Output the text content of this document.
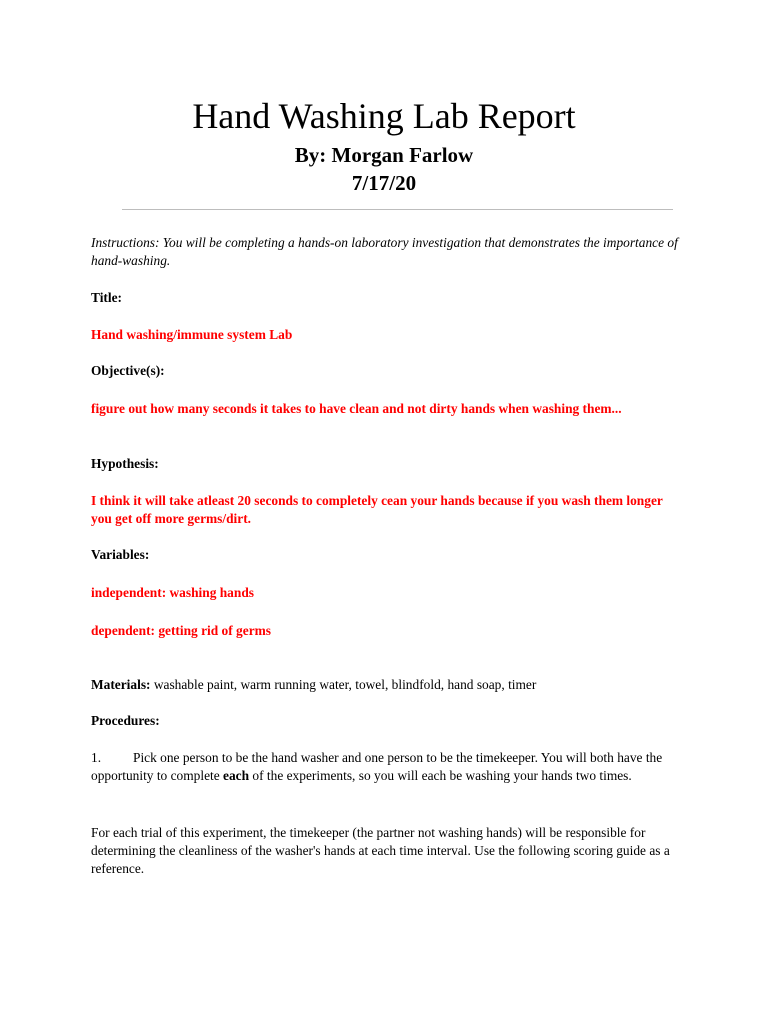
Hand Washing Lab Report
By: Morgan Farlow
7/17/20
Instructions: You will be completing a hands-on laboratory investigation that demonstrates the importance of hand-washing.
Title:
Hand washing/immune system Lab
Objective(s):
figure out how many seconds it takes to have clean and not dirty hands when washing them...
Hypothesis:
I think it will take atleast 20 seconds to completely cean your hands because if you wash them longer you get off more germs/dirt.
Variables:
independent: washing hands
dependent: getting rid of germs
Materials: washable paint, warm running water, towel, blindfold, hand soap, timer
Procedures:
1. Pick one person to be the hand washer and one person to be the timekeeper. You will both have the opportunity to complete each of the experiments, so you will each be washing your hands two times.
For each trial of this experiment, the timekeeper (the partner not washing hands) will be responsible for determining the cleanliness of the washer's hands at each time interval. Use the following scoring guide as a reference.
